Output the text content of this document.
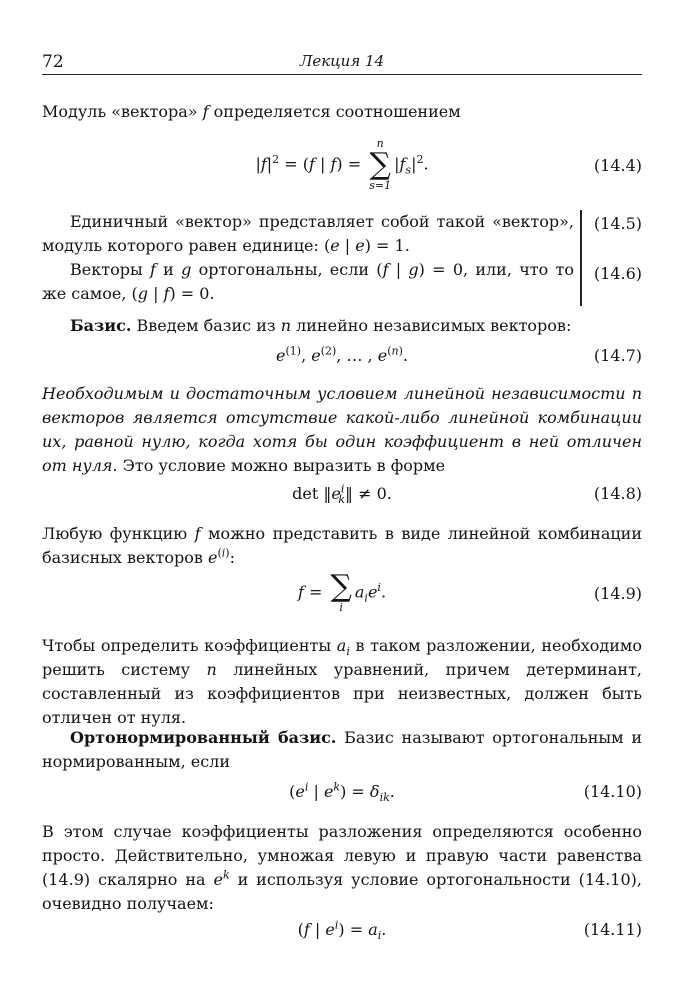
72	Лекция 14

Модуль «вектора» f определяется соотношением

$|f|^2 = (f$ | f) =
n
∑
s=1
$|f_s|^2$.	(14.4)

Единичный «вектор» представляет собой такой «вектор», модуль которого равен единице: (e | e) = 1.

(14.5)

Векторы f и g ортогональны, если (f | g) = 0, или, что то же самое, (g | f) = 0.

(14.6)

Базис. Введем базис из n линейно независимых векторов:

$e^{(1)}$, $e^{(2)}$, … , $e^{(n)}$.	(14.7)

Необходимым и достаточным условием линейной независимости n векторов является отсутствие какой-либо линейной комбинации их, равной нулю, когда хотя бы один коэффициент в ней отличен от нуля. Это условие можно выразить в форме

$\det ‖e^i_k‖ \ne 0$.	(14.8)

Любую функцию f можно представить в виде линейной комбинации базисных векторов $e^{(i)}$:

f = ∑
i
$a_ie^i$.	(14.9)

Чтобы определить коэффициенты $a_i$ в таком разложении, необходимо решить систему n линейных уравнений, причем детерминант, составленный из коэффициентов при неизвестных, должен быть отличен от нуля.

Ортонормированный базис. Базис называют ортогональным и нормированным, если

($e^i$ | $e^k) = \delta_{ik}$.	(14.10)

В этом случае коэффициенты разложения определяются особенно просто. Действительно, умножая левую и правую части равенства (14.9) скалярно на $e^k$ и используя условие ортогональности (14.10), очевидно получаем:

(f | $e^i) = a_i$.	(14.11)
